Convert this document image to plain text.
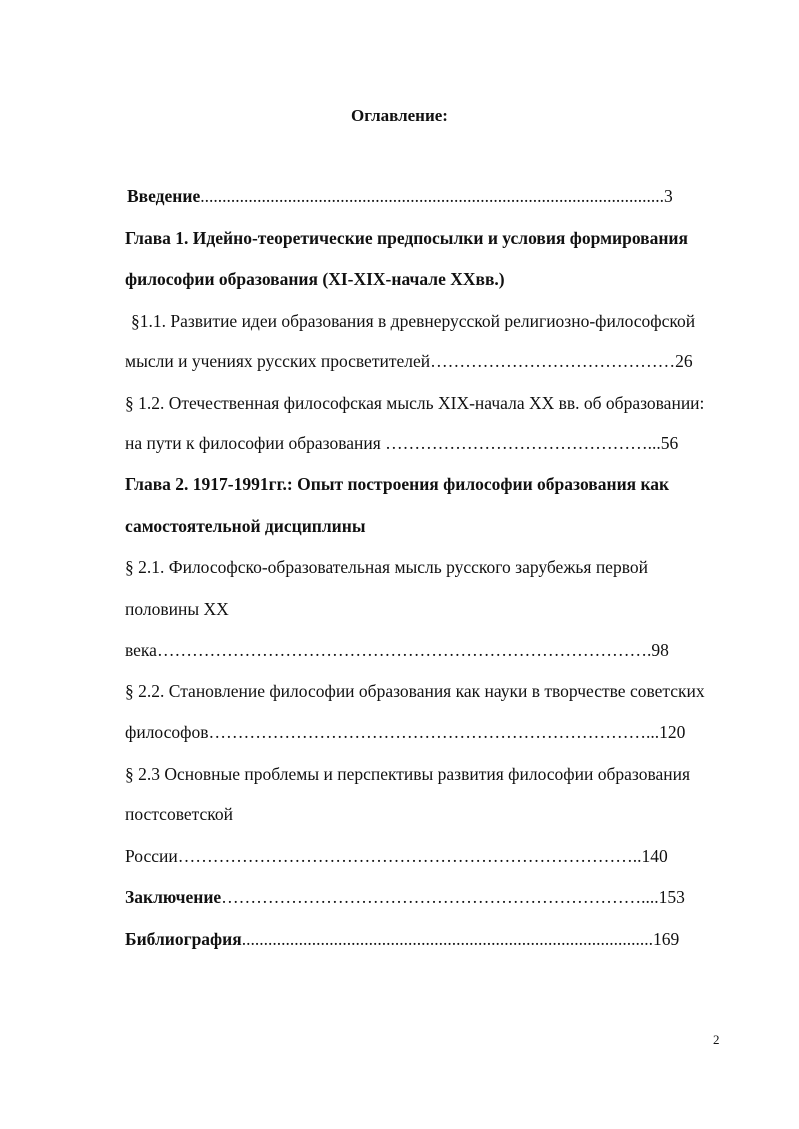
Оглавление:
Введение..........................................................................................................3
Глава 1. Идейно-теоретические предпосылки и условия формирования
философии образования (XI-XIX-начале XXвв.)
§1.1. Развитие идеи образования в древнерусской религиозно-философской
мысли и учениях русских просветителей……………………………………26
§ 1.2. Отечественная философская мысль XIX-начала XX вв. об образовании:
на пути к философии образования ………………………………………...56
Глава 2. 1917-1991гг.: Опыт построения философии образования как
самостоятельной дисциплины
§ 2.1. Философско-образовательная мысль русского зарубежья первой
половины XX
века………………………………………………………………………….98
§ 2.2. Становление философии образования как науки в творчестве советских
философов…………………………………………………………………...120
§ 2.3 Основные проблемы и перспективы развития философии образования
постсоветской
России……………………………………………………………………..140
Заключение………………………………………………………………....153
Библиография..............................................................................................169
2
